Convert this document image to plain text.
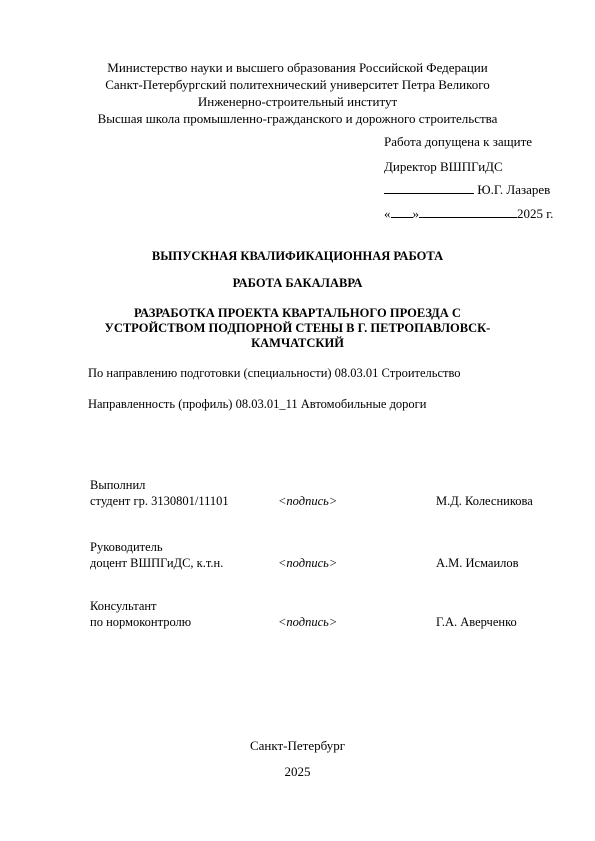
Министерство науки и высшего образования Российской Федерации
Санкт-Петербургский политехнический университет Петра Великого
Инженерно-строительный институт
Высшая школа промышленно-гражданского и дорожного строительства
Работа допущена к защите
Директор ВШПГиДС
Ю.Г. Лазарев
« »	2025 г.
ВЫПУСКНАЯ КВАЛИФИКАЦИОННАЯ РАБОТА
РАБОТА БАКАЛАВРА
РАЗРАБОТКА ПРОЕКТА КВАРТАЛЬНОГО ПРОЕЗДА С
УСТРОЙСТВОМ ПОДПОРНОЙ СТЕНЫ В Г. ПЕТРОПАВЛОВСК-
КАМЧАТСКИЙ
По направлению подготовки (специальности) 08.03.01 Строительство
Направленность (профиль) 08.03.01_11 Автомобильные дороги
Выполнил
студент гр. 3130801/11101	<подпись>	М.Д. Колесникова
Руководитель
доцент ВШПГиДС, к.т.н.	<подпись>	А.М. Исмаилов
Консультант
по нормоконтролю	<подпись>	Г.А. Аверченко
Санкт-Петербург
2025
